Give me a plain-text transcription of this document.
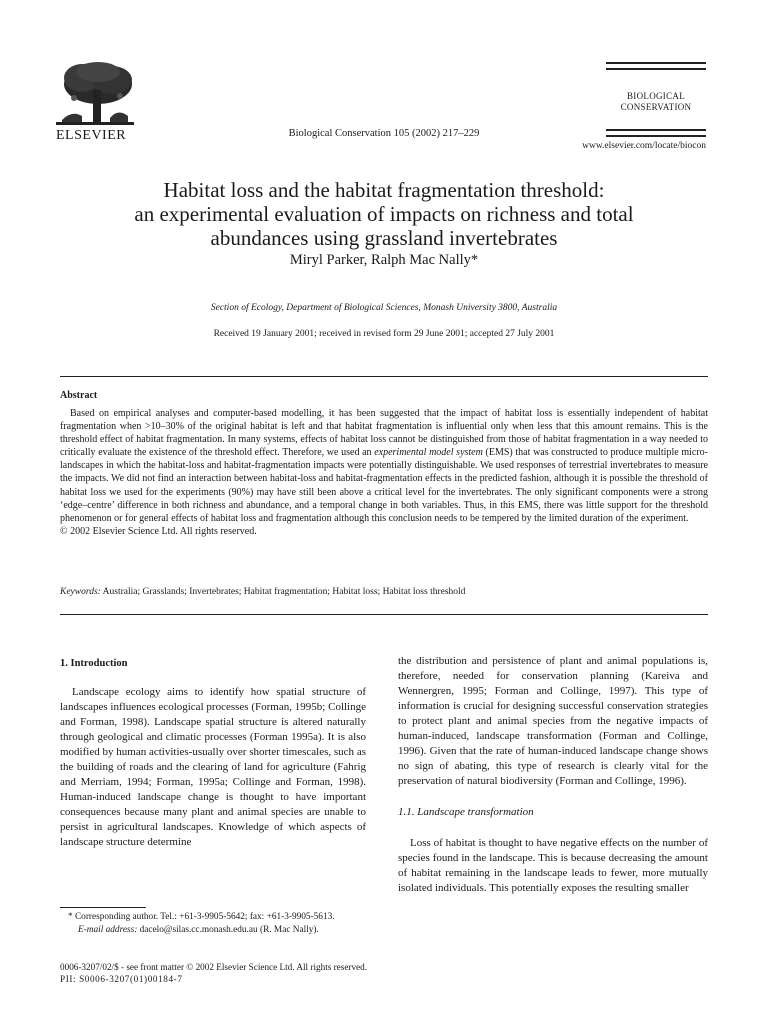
ELSEVIER	Biological Conservation 105 (2002) 217–229
BIOLOGICAL
CONSERVATION
www.elsevier.com/locate/biocon
Habitat loss and the habitat fragmentation threshold:
an experimental evaluation of impacts on richness and total
abundances using grassland invertebrates
Miryl Parker, Ralph Mac Nally*
Section of Ecology, Department of Biological Sciences, Monash University 3800, Australia
Received 19 January 2001; received in revised form 29 June 2001; accepted 27 July 2001
Abstract
Based on empirical analyses and computer-based modelling, it has been suggested that the impact of habitat loss is essentially independent of habitat fragmentation when >10–30% of the original habitat is left and that habitat fragmentation is influential only when less that this amount remains. This is the threshold effect of habitat fragmentation. In many systems, effects of habitat loss cannot be distinguished from those of habitat fragmentation in a way needed to critically evaluate the existence of the threshold effect. Therefore, we used an experimental model system (EMS) that was constructed to produce multiple micro-landscapes in which the habitat-loss and habitat-fragmentation impacts were potentially distinguishable. We used responses of terrestrial invertebrates to measure the impacts. We did not find an interaction between habitat-loss and habitat-fragmentation effects in the predicted fashion, although it is possible the threshold of habitat loss we used for the experiments (90%) may have still been above a critical level for the invertebrates. The only significant components were a strong ‘edge–centre’ difference in both richness and abundance, and a temporal change in both variables. Thus, in this EMS, there was little support for the threshold phenomenon or for general effects of habitat loss and fragmentation although this conclusion needs to be tempered by the limited duration of the experiment.
© 2002 Elsevier Science Ltd. All rights reserved.
Keywords: Australia; Grasslands; Invertebrates; Habitat fragmentation; Habitat loss; Habitat loss threshold
1. Introduction
Landscape ecology aims to identify how spatial structure of landscapes influences ecological processes (Forman, 1995b; Collinge and Forman, 1998). Landscape spatial structure is altered naturally through geological and climatic processes (Forman 1995a). It is also modified by human activities-usually over shorter timescales, such as the building of roads and the clearing of land for agriculture (Fahrig and Merriam, 1994; Forman, 1995a; Collinge and Forman, 1998). Human-induced landscape change is thought to have important consequences because many plant and animal species are unable to persist in agricultural landscapes. Knowledge of which aspects of landscape structure determine
* Corresponding author. Tel.: +61-3-9905-5642; fax: +61-3-9905-5613.
E-mail address: dacelo@silas.cc.monash.edu.au (R. Mac Nally).
0006-3207/02/$ - see front matter © 2002 Elsevier Science Ltd. All rights reserved.
PII: S0006-3207(01)00184-7
the distribution and persistence of plant and animal populations is, therefore, needed for conservation planning (Kareiva and Wennergren, 1995; Forman and Collinge, 1997). This type of information is crucial for designing successful conservation strategies to protect plant and animal species from the negative impacts of human-induced, landscape transformation (Forman and Collinge, 1996). Given that the rate of human-induced landscape change shows no sign of abating, this type of research is clearly vital for the preservation of natural biodiversity (Forman and Collinge, 1996).
1.1. Landscape transformation
Loss of habitat is thought to have negative effects on the number of species found in the landscape. This is because decreasing the amount of habitat remaining in the landscape leads to fewer, more mutually isolated individuals. This potentially exposes the resulting smaller
